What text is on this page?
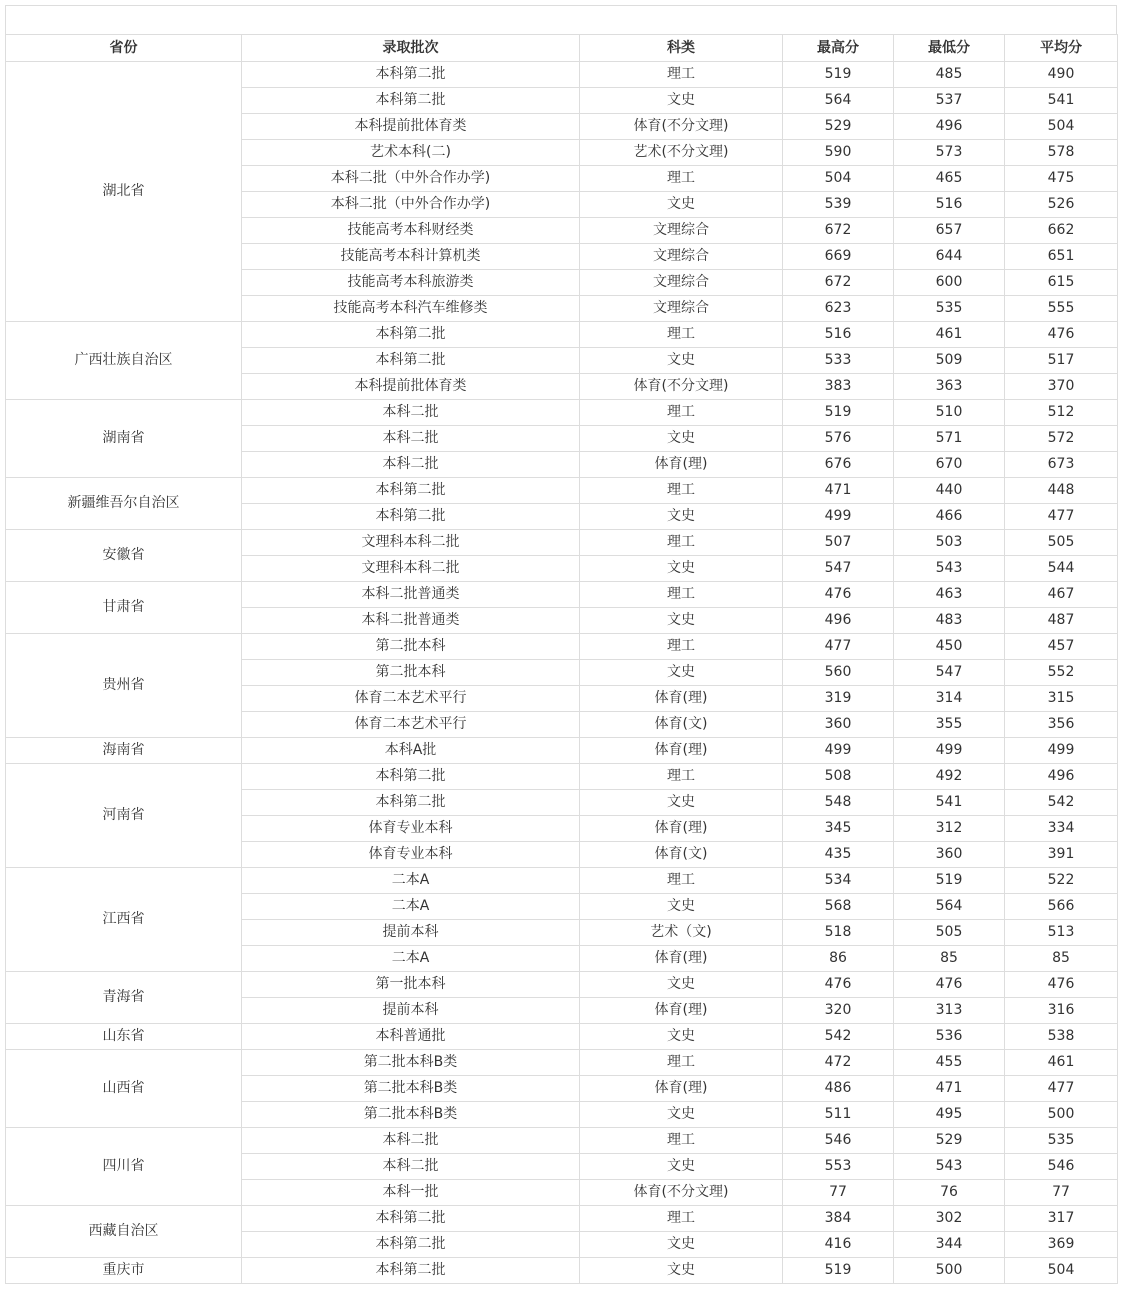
省份	录取批次	科类	最高分	最低分	平均分
湖北省	本科第二批	理工	519	485	490
	本科第二批	文史	564	537	541
	本科提前批体育类	体育(不分文理)	529	496	504
	艺术本科(二)	艺术(不分文理)	590	573	578
	本科二批（中外合作办学)	理工	504	465	475
	本科二批（中外合作办学)	文史	539	516	526
	技能高考本科财经类	文理综合	672	657	662
	技能高考本科计算机类	文理综合	669	644	651
	技能高考本科旅游类	文理综合	672	600	615
	技能高考本科汽车维修类	文理综合	623	535	555
广西壮族自治区	本科第二批	理工	516	461	476
	本科第二批	文史	533	509	517
	本科提前批体育类	体育(不分文理)	383	363	370
湖南省	本科二批	理工	519	510	512
	本科二批	文史	576	571	572
	本科二批	体育(理)	676	670	673
新疆维吾尔自治区	本科第二批	理工	471	440	448
	本科第二批	文史	499	466	477
安徽省	文理科本科二批	理工	507	503	505
	文理科本科二批	文史	547	543	544
甘肃省	本科二批普通类	理工	476	463	467
	本科二批普通类	文史	496	483	487
贵州省	第二批本科	理工	477	450	457
	第二批本科	文史	560	547	552
	体育二本艺术平行	体育(理)	319	314	315
	体育二本艺术平行	体育(文)	360	355	356
海南省	本科A批	体育(理)	499	499	499
河南省	本科第二批	理工	508	492	496
	本科第二批	文史	548	541	542
	体育专业本科	体育(理)	345	312	334
	体育专业本科	体育(文)	435	360	391
江西省	二本A	理工	534	519	522
	二本A	文史	568	564	566
	提前本科	艺术（文)	518	505	513
	二本A	体育(理)	86	85	85
青海省	第一批本科	文史	476	476	476
	提前本科	体育(理)	320	313	316
山东省	本科普通批	文史	542	536	538
山西省	第二批本科B类	理工	472	455	461
	第二批本科B类	体育(理)	486	471	477
	第二批本科B类	文史	511	495	500
四川省	本科二批	理工	546	529	535
	本科二批	文史	553	543	546
	本科一批	体育(不分文理)	77	76	77
西藏自治区	本科第二批	理工	384	302	317
	本科第二批	文史	416	344	369
重庆市	本科第二批	文史	519	500	504
